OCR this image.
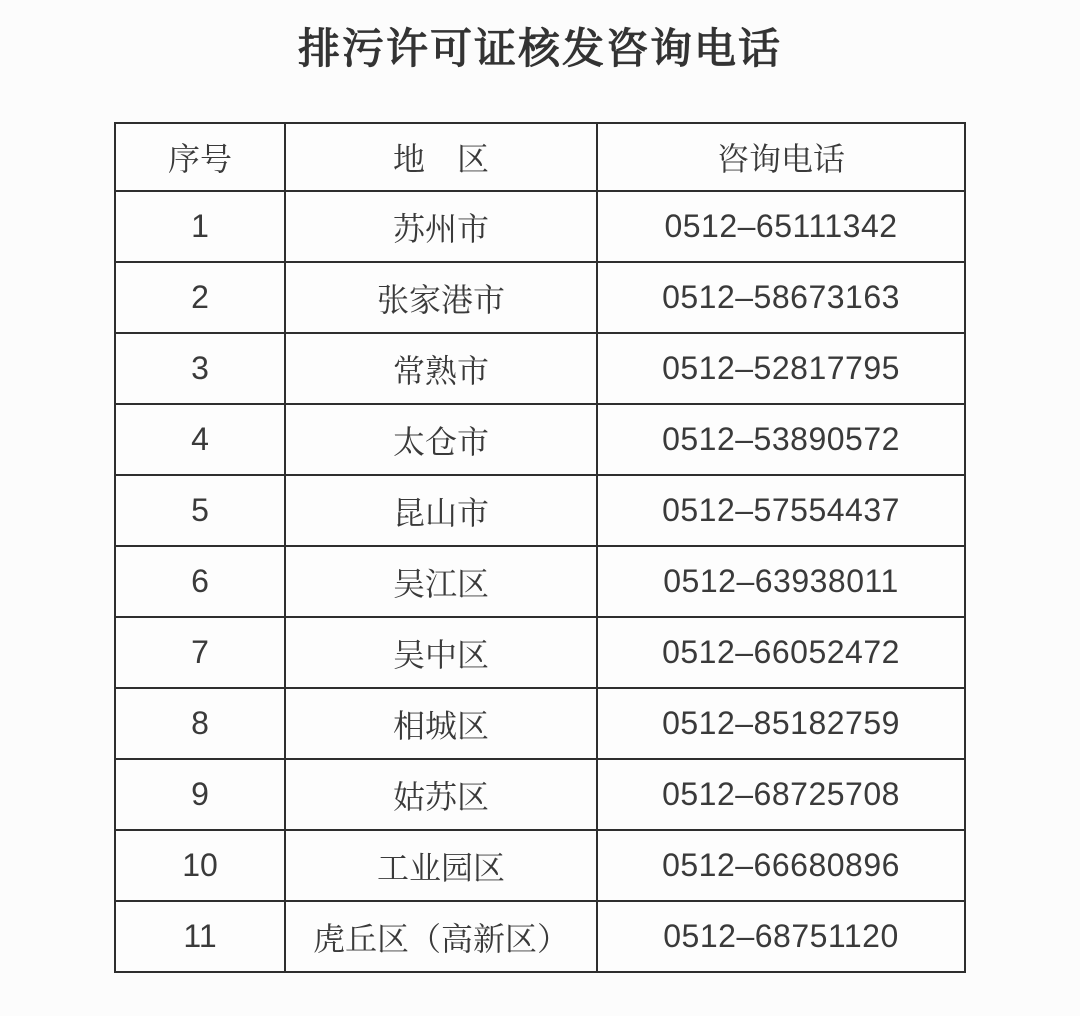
排污许可证核发咨询电话
序号	地　区	咨询电话
1	苏州市	0512–65111342
2	张家港市	0512–58673163
3	常熟市	0512–52817795
4	太仓市	0512–53890572
5	昆山市	0512–57554437
6	吴江区	0512–63938011
7	吴中区	0512–66052472
8	相城区	0512–85182759
9	姑苏区	0512–68725708
10	工业园区	0512–66680896
11	虎丘区（高新区）	0512–68751120
